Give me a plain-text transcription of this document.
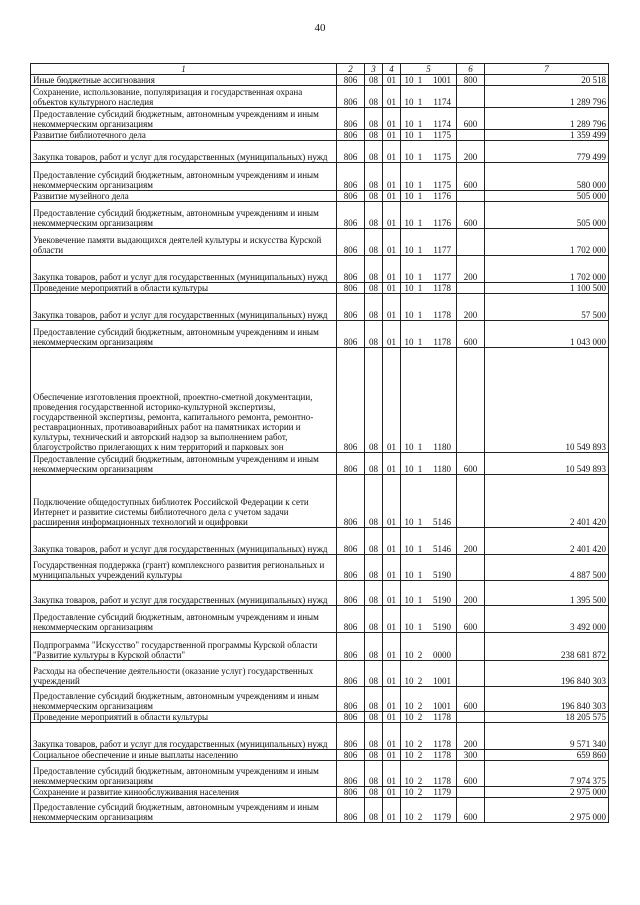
40
1	2	3	4	5	6	7
Иные бюджетные ассигнования	806	08	01	10 1 1001	800	20 518
Сохранение, использование, популяризация и государственная охрана объектов культурного наследия	806	08	01	10 1 1174		1 289 796
Предоставление субсидий бюджетным, автономным учреждениям и иным некоммерческим организациям	806	08	01	10 1 1174	600	1 289 796
Развитие библиотечного дела	806	08	01	10 1 1175		1 359 499
Закупка товаров, работ и услуг для государственных (муниципальных) нужд	806	08	01	10 1 1175	200	779 499
Предоставление субсидий бюджетным, автономным учреждениям и иным некоммерческим организациям	806	08	01	10 1 1175	600	580 000
Развитие музейного дела	806	08	01	10 1 1176		505 000
Предоставление субсидий бюджетным, автономным учреждениям и иным некоммерческим организациям	806	08	01	10 1 1176	600	505 000
Увековечение памяти выдающихся деятелей культуры и искусства Курской области	806	08	01	10 1 1177		1 702 000
Закупка товаров, работ и услуг для государственных (муниципальных) нужд	806	08	01	10 1 1177	200	1 702 000
Проведение мероприятий в области культуры	806	08	01	10 1 1178		1 100 500
Закупка товаров, работ и услуг для государственных (муниципальных) нужд	806	08	01	10 1 1178	200	57 500
Предоставление субсидий бюджетным, автономным учреждениям и иным некоммерческим организациям	806	08	01	10 1 1178	600	1 043 000
Обеспечение изготовления проектной, проектно-сметной документации, проведения государственной историко-культурной экспертизы, государственной экспертизы, ремонта, капитального ремонта, ремонтно-реставрационных, противоаварийных работ на памятниках истории и культуры, технический и авторский надзор за выполнением работ, благоустройство прилегающих к ним территорий и парковых зон	806	08	01	10 1 1180		10 549 893
Предоставление субсидий бюджетным, автономным учреждениям и иным некоммерческим организациям	806	08	01	10 1 1180	600	10 549 893
Подключение общедоступных библиотек Российской Федерации к сети Интернет и развитие системы библиотечного дела с учетом задачи расширения информационных технологий и оцифровки	806	08	01	10 1 5146		2 401 420
Закупка товаров, работ и услуг для государственных (муниципальных) нужд	806	08	01	10 1 5146	200	2 401 420
Государственная поддержка (грант) комплексного развития региональных и муниципальных учреждений культуры	806	08	01	10 1 5190		4 887 500
Закупка товаров, работ и услуг для государственных (муниципальных) нужд	806	08	01	10 1 5190	200	1 395 500
Предоставление субсидий бюджетным, автономным учреждениям и иным некоммерческим организациям	806	08	01	10 1 5190	600	3 492 000
Подпрограмма "Искусство" государственной программы Курской области "Развитие культуры в Курской области"	806	08	01	10 2 0000		238 681 872
Расходы на обеспечение деятельности (оказание услуг) государственных учреждений	806	08	01	10 2 1001		196 840 303
Предоставление субсидий бюджетным, автономным учреждениям и иным некоммерческим организациям	806	08	01	10 2 1001	600	196 840 303
Проведение мероприятий в области культуры	806	08	01	10 2 1178		18 205 575
Закупка товаров, работ и услуг для государственных (муниципальных) нужд	806	08	01	10 2 1178	200	9 571 340
Социальное обеспечение и иные выплаты населению	806	08	01	10 2 1178	300	659 860
Предоставление субсидий бюджетным, автономным учреждениям и иным некоммерческим организациям	806	08	01	10 2 1178	600	7 974 375
Сохранение и развитие кинообслуживания населения	806	08	01	10 2 1179		2 975 000
Предоставление субсидий бюджетным, автономным учреждениям и иным некоммерческим организациям	806	08	01	10 2 1179	600	2 975 000
